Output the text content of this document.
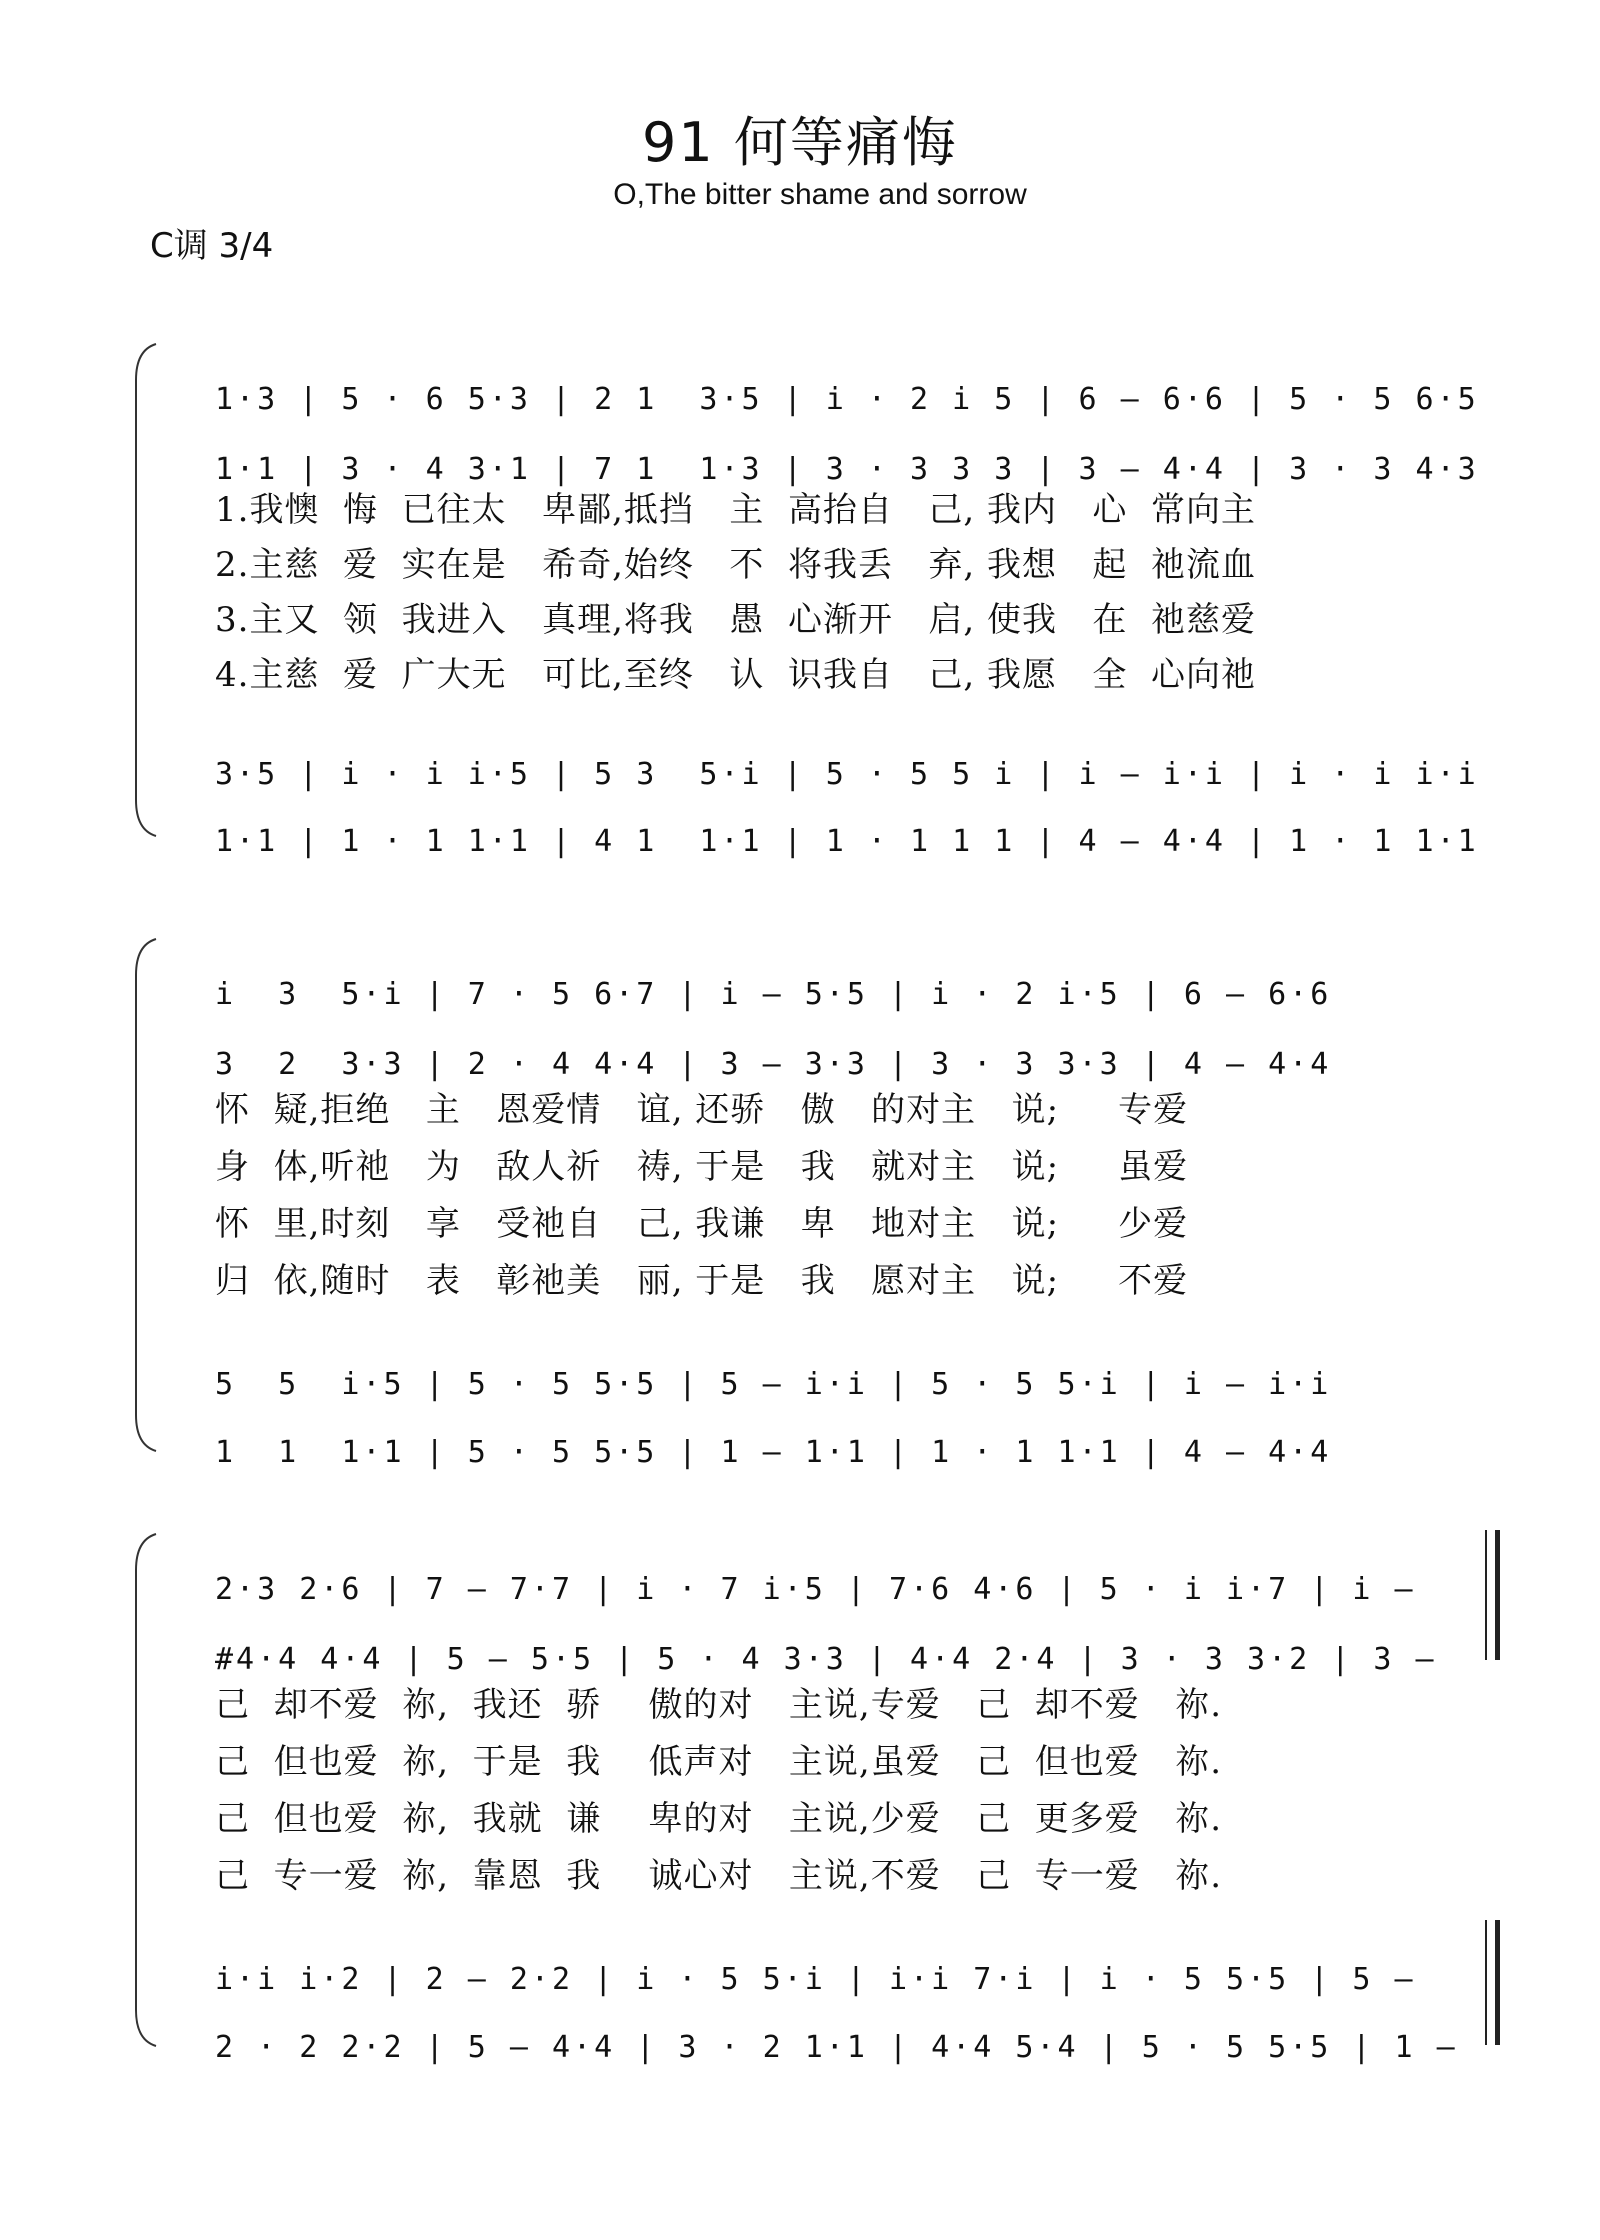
91 何等痛悔
O,The bitter shame and sorrow
C调 3/4
1·3 | 5 · 6 5·3 | 2 1  3·5 | i · 2 i 5 | 6 — 6·6 | 5 · 5 6·5
1·1 | 3 · 4 3·1 | 7 1  1·3 | 3 · 3 3 3 | 3 — 4·4 | 3 · 3 4·3
1.我懊  悔  已往太   卑鄙,抵挡   主  高抬自   己, 我内   心  常向主
2.主慈  爱  实在是   希奇,始终   不  将我丢   弃, 我想   起  祂流血
3.主又  领  我进入   真理,将我   愚  心渐开   启, 使我   在  祂慈爱
4.主慈  爱  广大无   可比,至终   认  识我自   己, 我愿   全  心向祂
3·5 | i · i i·5 | 5 3  5·i | 5 · 5 5 i | i — i·i | i · i i·i
1·1 | 1 · 1 1·1 | 4 1  1·1 | 1 · 1 1 1 | 4 — 4·4 | 1 · 1 1·1
i  3  5·i | 7 · 5 6·7 | i — 5·5 | i · 2 i·5 | 6 — 6·6
3  2  3·3 | 2 · 4 4·4 | 3 — 3·3 | 3 · 3 3·3 | 4 — 4·4
怀  疑,拒绝   主   恩爱情   谊, 还骄   傲   的对主   说;     专爱
身  体,听祂   为   敌人祈   祷, 于是   我   就对主   说;     虽爱
怀  里,时刻   享   受祂自   己, 我谦   卑   地对主   说;     少爱
归  依,随时   表   彰祂美   丽, 于是   我   愿对主   说;     不爱
5  5  i·5 | 5 · 5 5·5 | 5 — i·i | 5 · 5 5·i | i — i·i
1  1  1·1 | 5 · 5 5·5 | 1 — 1·1 | 1 · 1 1·1 | 4 — 4·4
2·3 2·6 | 7 — 7·7 | i · 7 i·5 | 7·6 4·6 | 5 · i i·7 | i —
#4·4 4·4 | 5 — 5·5 | 5 · 4 3·3 | 4·4 2·4 | 3 · 3 3·2 | 3 —
己  却不爱  祢,  我还  骄    傲的对   主说,专爱   己  却不爱   祢.
己  但也爱  祢,  于是  我    低声对   主说,虽爱   己  但也爱   祢.
己  但也爱  祢,  我就  谦    卑的对   主说,少爱   己  更多爱   祢.
己  专一爱  祢,  靠恩  我    诚心对   主说,不爱   己  专一爱   祢.
i·i i·2 | 2 — 2·2 | i · 5 5·i | i·i 7·i | i · 5 5·5 | 5 —
2 · 2 2·2 | 5 — 4·4 | 3 · 2 1·1 | 4·4 5·4 | 5 · 5 5·5 | 1 —
